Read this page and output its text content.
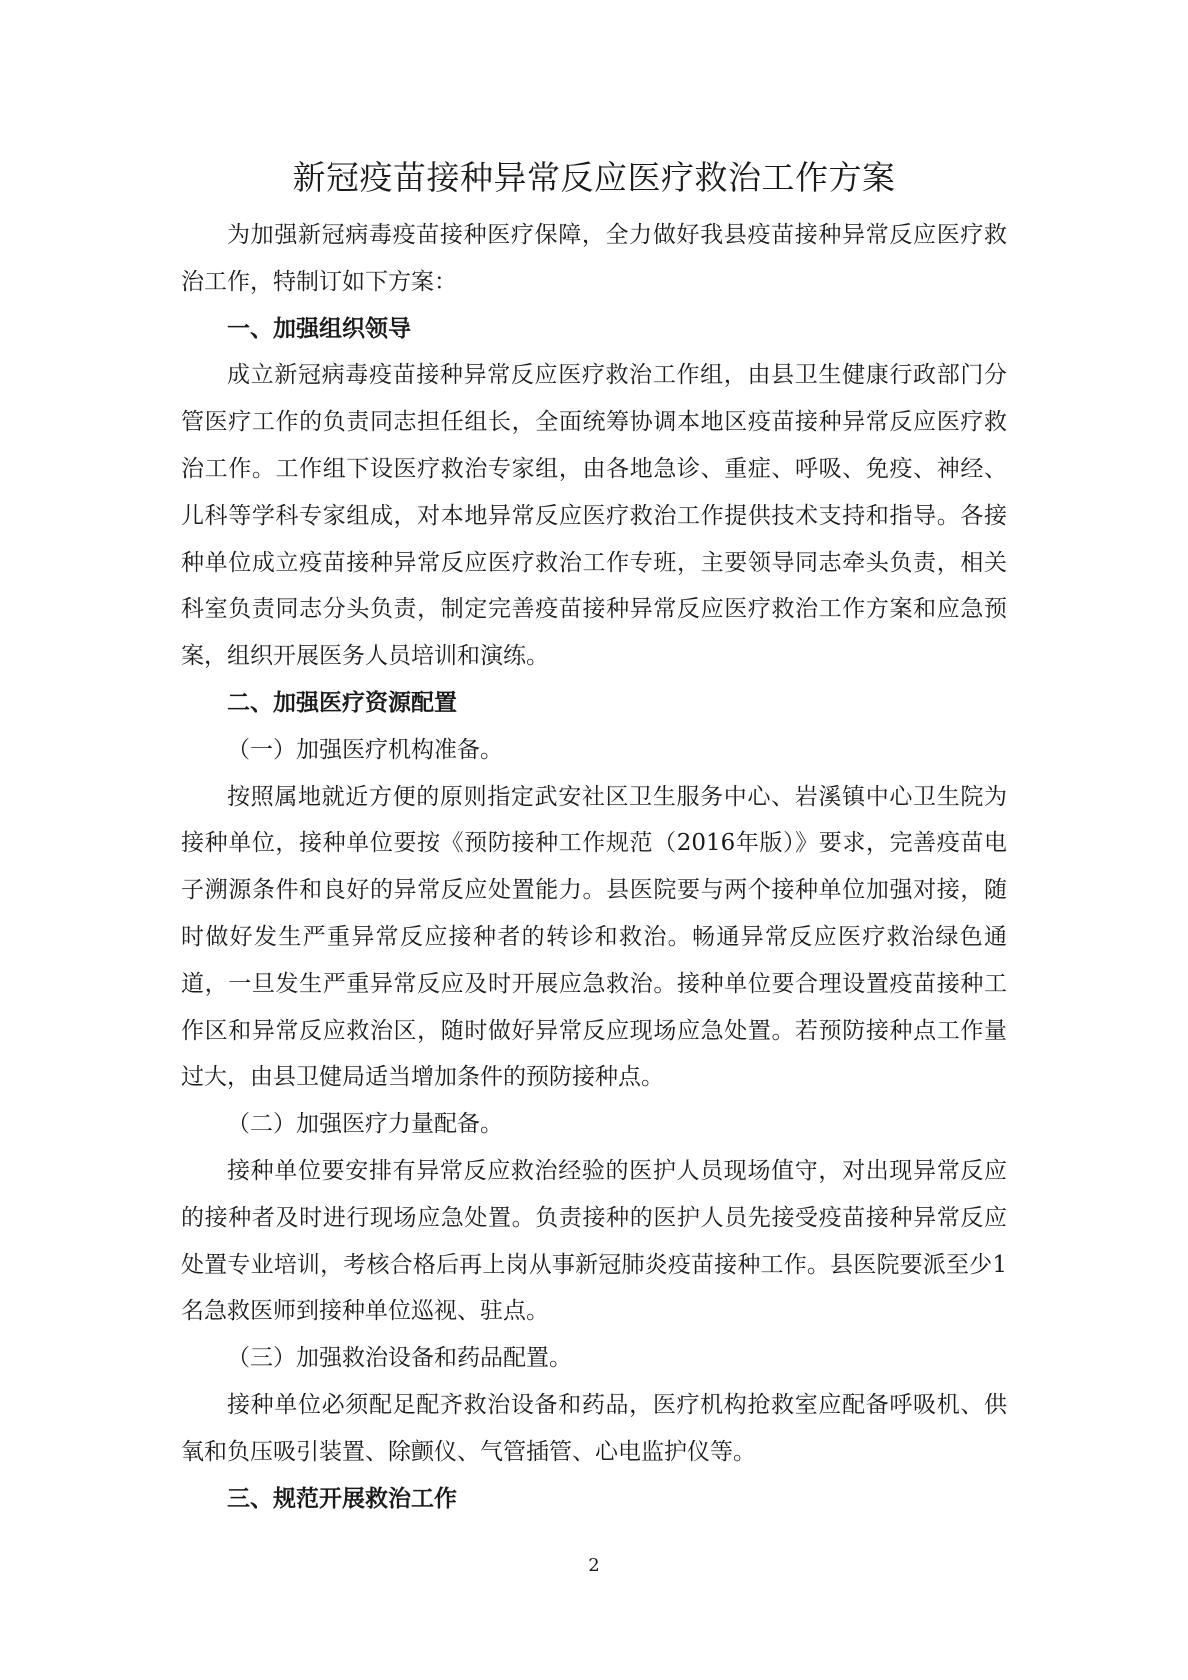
新冠疫苗接种异常反应医疗救治工作方案

为加强新冠病毒疫苗接种医疗保障，全力做好我县疫苗接种异常反应医疗救治工作，特制订如下方案：

一、加强组织领导

成立新冠病毒疫苗接种异常反应医疗救治工作组，由县卫生健康行政部门分管医疗工作的负责同志担任组长，全面统筹协调本地区疫苗接种异常反应医疗救治工作。工作组下设医疗救治专家组，由各地急诊、重症、呼吸、免疫、神经、儿科等学科专家组成，对本地异常反应医疗救治工作提供技术支持和指导。各接种单位成立疫苗接种异常反应医疗救治工作专班，主要领导同志牵头负责，相关科室负责同志分头负责，制定完善疫苗接种异常反应医疗救治工作方案和应急预案，组织开展医务人员培训和演练。

二、加强医疗资源配置

（一）加强医疗机构准备。

按照属地就近方便的原则指定武安社区卫生服务中心、岩溪镇中心卫生院为接种单位，接种单位要按《预防接种工作规范（2016年版）》要求，完善疫苗电子溯源条件和良好的异常反应处置能力。县医院要与两个接种单位加强对接，随时做好发生严重异常反应接种者的转诊和救治。畅通异常反应医疗救治绿色通道，一旦发生严重异常反应及时开展应急救治。接种单位要合理设置疫苗接种工作区和异常反应救治区，随时做好异常反应现场应急处置。若预防接种点工作量过大，由县卫健局适当增加条件的预防接种点。

（二）加强医疗力量配备。

接种单位要安排有异常反应救治经验的医护人员现场值守，对出现异常反应的接种者及时进行现场应急处置。负责接种的医护人员先接受疫苗接种异常反应处置专业培训，考核合格后再上岗从事新冠肺炎疫苗接种工作。县医院要派至少1名急救医师到接种单位巡视、驻点。

（三）加强救治设备和药品配置。

接种单位必须配足配齐救治设备和药品，医疗机构抢救室应配备呼吸机、供氧和负压吸引装置、除颤仪、气管插管、心电监护仪等。

三、规范开展救治工作

2
